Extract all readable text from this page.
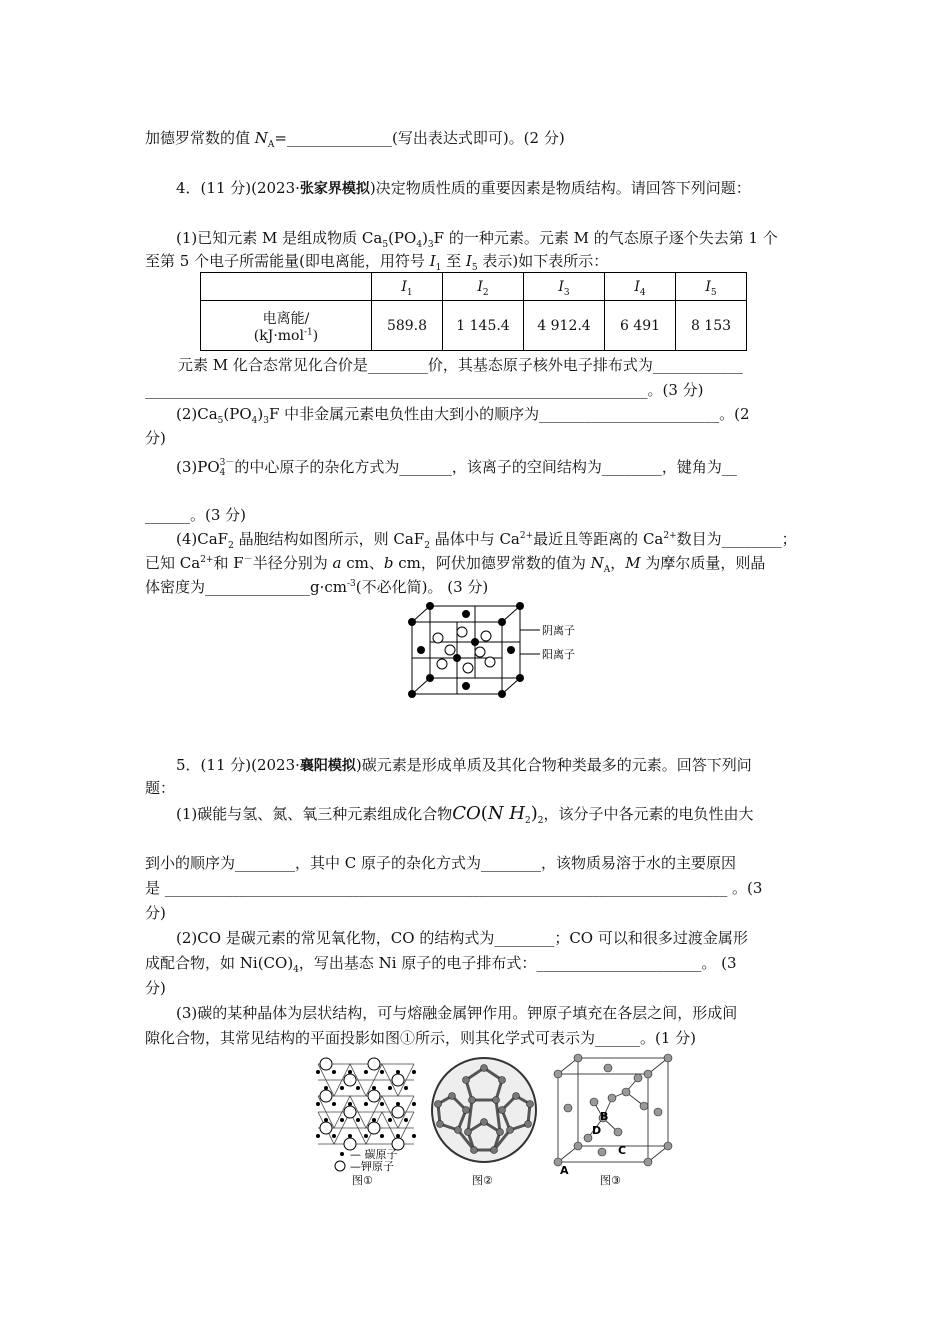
加德罗常数的值 $N_A=\_\_\_\_\_\_\_\_\_\_\_\_\_\_$(写出表达式即可)。(2 分)
4．(11 分)(2023·张家界模拟)决定物质性质的重要因素是物质结构。请回答下列问题：
(1)已知元素 M 是组成物质 $Ca_5(PO_4)_3F$ 的一种元素。元素 M 的气态原子逐个失去第 1 个
至第 5 个电子所需能量(即电离能，用符号 $I_1$ 至 $I_5$ 表示)如下表所示：
	$I_1$	$I_2$	$I_3$	$I_4$	$I_5$

电离能/
(kJ·mol$^{-1}$)	589.8	1 145.4	4 912.4	6 491	8 153
元素 M 化合态常见化合价是________价，其基态原子核外电子排布式为____________
___________________________________________________________________。(3 分)
$(2)Ca_5(PO_4)_3F$ 中非金属元素电负性由大到小的顺序为________________________。(2
分)
(3)PO 3－
4 的中心原子的杂化方式为_______，该离子的空间结构为________，键角为__
______。(3 分)
(4)CaF$_2$ 晶胞结构如图所示，则 CaF$_2$ 晶体中与 $Ca^{2+}$最近且等距离的 $Ca^{2+}$数目为________；
已知 $Ca^{2+}$和 F－半径分别为 a cm、b cm，阿伏加德罗常数的值为 $N_A$，M 为摩尔质量，则晶
体密度为$\_\_\_\_\_\_\_\_\_\_\_\_\_\_g\cdot cm^{-3}$(不必化简)。 (3 分)
阴离子
阳离子
5．(11 分)(2023·襄阳模拟)碳元素是形成单质及其化合物种类最多的元素。回答下列问
题：
(1)碳能与氢、氮、氧三种元素组成化合物CO(N $H_2)_2$，该分子中各元素的电负性由大
到小的顺序为________，其中 C 原子的杂化方式为________，该物质易溶于水的主要原因
是 ___________________________________________________________________________ 。(3
分)
(2)CO 是碳元素的常见氧化物，CO 的结构式为________；CO 可以和很多过渡金属形
成配合物，如 $Ni(CO)_4$，写出基态 Ni 原子的电子排布式：______________________。 (3
分)
(3)碳的某种晶体为层状结构，可与熔融金属钾作用。钾原子填充在各层之间，形成间
隙化合物，其常见结构的平面投影如图①所示，则其化学式可表示为______。(1 分)
— 碳原子
—钾原子
图①	图②
A
B
C
D
图③
